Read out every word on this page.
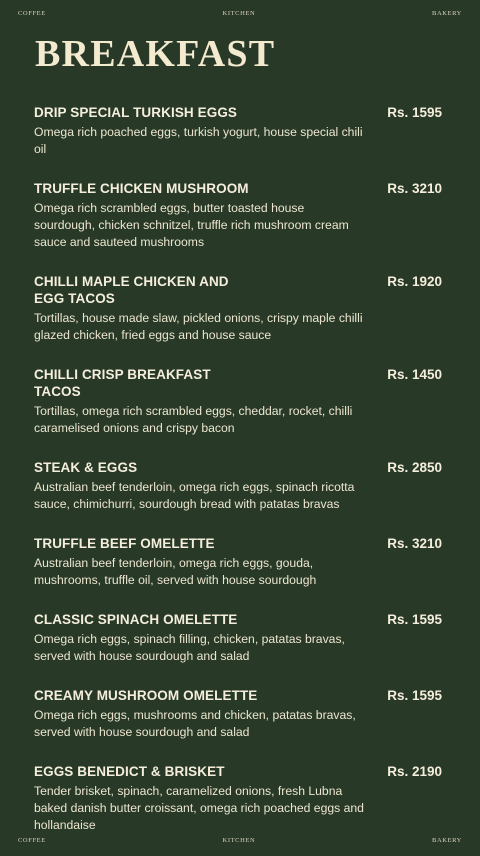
COFFEE	KITCHEN	BAKERY
BREAKFAST
DRIP SPECIAL TURKISH EGGS	Rs. 1595
Omega rich poached eggs, turkish yogurt, house special chili oil
TRUFFLE CHICKEN MUSHROOM	Rs. 3210
Omega rich scrambled eggs, butter toasted house sourdough, chicken schnitzel, truffle rich mushroom cream sauce and sauteed mushrooms
CHILLI MAPLE CHICKEN AND
EGG TACOS
Rs. 1920
Tortillas, house made slaw, pickled onions, crispy maple chilli glazed chicken, fried eggs and house sauce
CHILLI CRISP BREAKFAST
TACOS
Rs. 1450
Tortillas, omega rich scrambled eggs, cheddar, rocket, chilli caramelised onions and crispy bacon
STEAK & EGGS	Rs. 2850
Australian beef tenderloin, omega rich eggs, spinach ricotta sauce, chimichurri, sourdough bread with patatas bravas
TRUFFLE BEEF OMELETTE	Rs. 3210
Australian beef tenderloin, omega rich eggs, gouda, mushrooms, truffle oil, served with house sourdough
CLASSIC SPINACH OMELETTE	Rs. 1595
Omega rich eggs, spinach filling, chicken, patatas bravas, served with house sourdough and salad
CREAMY MUSHROOM OMELETTE	Rs. 1595
Omega rich eggs, mushrooms and chicken, patatas bravas, served with house sourdough and salad
EGGS BENEDICT & BRISKET	Rs. 2190
Tender brisket, spinach, caramelized onions, fresh Lubna baked danish butter croissant, omega rich poached eggs and hollandaise
COFFEE	KITCHEN	BAKERY
